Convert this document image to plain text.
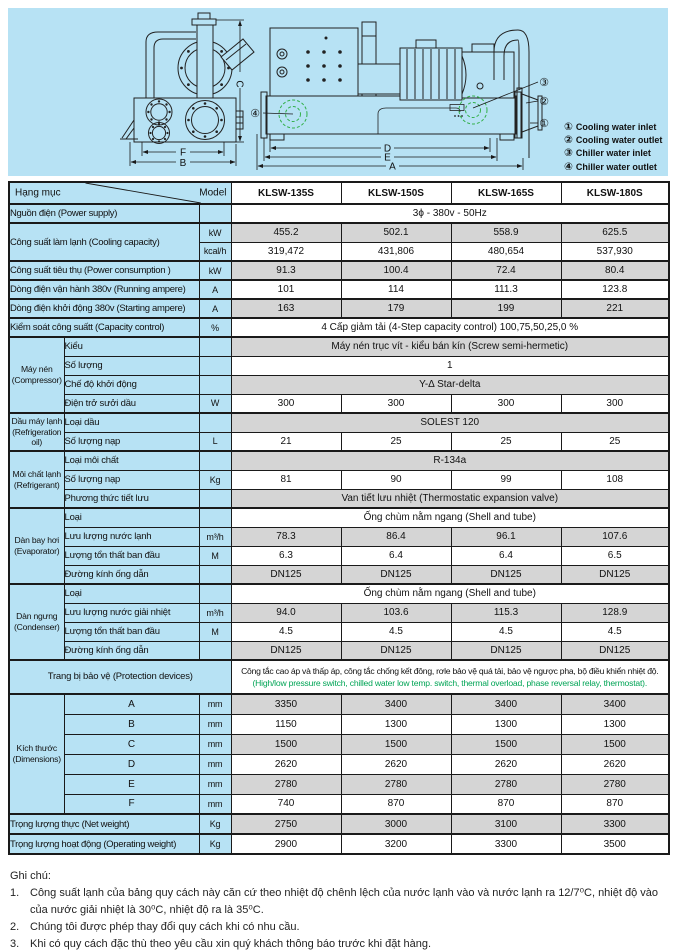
C
F
B
③
②
①
④
D
E
A
① Cooling water inlet
② Cooling water outlet
③ Chiller water inlet
④ Chiller water outlet
Hạng mục Model			KLSW-135S	KLSW-150S	KLSW-165S	KLSW-180S
Nguồn điện (Power supply)			3ϕ - 380v - 50Hz			
Công suất làm lạnh (Cooling capacity)		kW	455.2	502.1	558.9	625.5
		kcal/h	319,472	431,806	480,654	537,930
Công suất tiêu thụ (Power consumption )		kW	91.3	100.4	72.4	80.4
Dòng điện vận hành 380v (Running ampere)		A	101	114	111.3	123.8
Dòng điện khởi động 380v (Starting ampere)		A	163	179	199	221
Kiểm soát công suấtt (Capacity control)		%	4 Cấp giảm tải (4-Step capacity control) 100,75,50,25,0 %			
Máy nén
(Compressor)	Kiểu		Máy nén trục vít - kiểu bán kín (Screw semi-hermetic)			
	Số lượng		1			
	Chế độ khởi động		Y-Δ Star-delta			
	Điện trở sưởi dầu	W	300	300	300	300
Dầu máy lạnh
(Refrigeration oil)	Loại dầu		SOLEST 120			
	Số lượng nạp	L	21	25	25	25
Môi chất lạnh
(Refrigerant)	Loại môi chất		R-134a			
	Số lượng nạp	Kg	81	90	99	108
	Phương thức tiết lưu		Van tiết lưu nhiệt (Thermostatic expansion valve)			
Dàn bay hơi
(Evaporator)	Loại		Ống chùm nằm ngang (Shell and tube)			
	Lưu lượng nước lạnh	m³/h	78.3	86.4	96.1	107.6
	Lượng tổn thất ban đầu	M	6.3	6.4	6.4	6.5
	Đường kính ống dẫn		DN125	DN125	DN125	DN125
Dàn ngưng
(Condenser)	Loại		Ống chùm nằm ngang (Shell and tube)			
	Lưu lượng nước giải nhiệt	m³/h	94.0	103.6	115.3	128.9
	Lượng tổn thất ban đầu	M	4.5	4.5	4.5	4.5
	Đường kính ống dẫn		DN125	DN125	DN125	DN125
Trang bị bảo vệ (Protection devices)			Công tắc cao áp và thấp áp, công tắc chống kết đông, rơle bảo vệ quá tải, bảo vệ ngược pha, bộ điều khiển nhiệt độ.
(High/low pressure switch, chilled water low temp. switch, thermal overload, phase reversal relay, thermostat).			

Kích thước
(Dimensions)	A	mm	3350	3400	3400	3400
	B	mm	1150	1300	1300	1300
	C	mm	1500	1500	1500	1500
	D	mm	2620	2620	2620	2620
	E	mm	2780	2780	2780	2780
	F	mm	740	870	870	870
Trọng lượng thực (Net weight)		Kg	2750	3000	3100	3300
Trọng lượng hoạt động (Operating weight)		Kg	2900	3200	3300	3500
Ghi chú:
1. Công suất lạnh của bảng quy cách này căn cứ theo nhiệt độ chênh lệch của nước lạnh vào và nước lạnh ra 12/7⁰C, nhiệt độ vào của nước giải nhiệt là 30⁰C, nhiệt độ ra là 35⁰C.
2. Chúng tôi được phép thay đổi quy cách khi có nhu cầu.
3. Khi có quy cách đặc thù theo yêu cầu xin quý khách thông báo trước khi đặt hàng.
